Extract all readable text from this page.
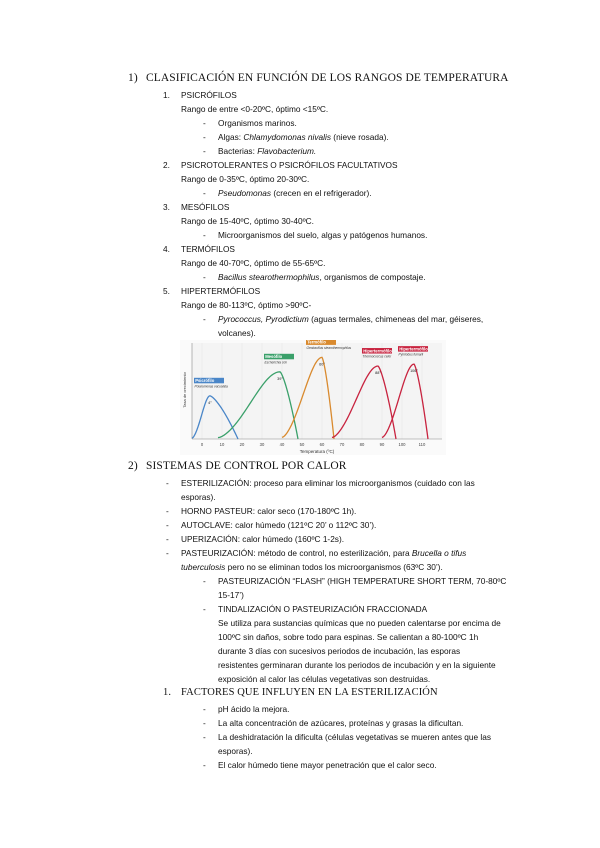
1) CLASIFICACIÓN EN FUNCIÓN DE LOS RANGOS DE TEMPERATURA
1. PSICRÓFILOS
Rango de entre <0-20ºC, óptimo <15ºC.
- Organismos marinos.
- Algas: Chlamydomonas nivalis (nieve rosada).
- Bacterias: Flavobacterium.
2. PSICROTOLERANTES O PSICRÓFILOS FACULTATIVOS
Rango de 0-35ºC, óptimo 20-30ºC.
- Pseudomonas (crecen en el refrigerador).
3. MESÓFILOS
Rango de 15-40ºC, óptimo 30-40ºC.
- Microorganismos del suelo, algas y patógenos humanos.
4. TERMÓFILOS
Rango de 40-70ºC, óptimo de 55-65ºC.
- Bacillus stearothermophilus, organismos de compostaje.
5. HIPERTERMÓFILOS
Rango de 80-113ºC, óptimo >90ºC-
- Pyrococcus, Pyrodictium (aguas termales, chimeneas del mar, géiseres,
volcanes).
4°
Psicrófilo
Polaromonas vacuolata
39°
Mesófilo
Escherichia coli
60°
Termófilo
Geobacillus stearothermophilus
88°
Hipertermófilo
Thermococcus celer
106°
Hipertermófilo
Pyrolobus fumarii
0	10	20	30	40	50	60	70	80	90	100	110
Temperatura (ºC)
Tasa de crecimiento
2) SISTEMAS DE CONTROL POR CALOR
- ESTERILIZACIÓN: proceso para eliminar los microorganismos (cuidado con las
esporas).
- HORNO PASTEUR: calor seco (170-180ºC 1h).
- AUTOCLAVE: calor húmedo (121ºC 20’ o 112ºC 30’).
- UPERIZACIÓN: calor húmedo (160ºC 1-2s).
- PASTEURIZACIÓN: método de control, no esterilización, para Brucella o tifus
tuberculosis pero no se eliminan todos los microorganismos (63ºC 30’).
- PASTEURIZACIÓN “FLASH” (HIGH TEMPERATURE SHORT TERM, 70-80ºC
15-17’)
- TINDALIZACIÓN O PASTEURIZACIÓN FRACCIONADA
Se utiliza para sustancias químicas que no pueden calentarse por encima de
100ºC sin daños, sobre todo para espinas. Se calientan a 80-100ºC 1h
durante 3 días con sucesivos periodos de incubación, las esporas
resistentes germinaran durante los periodos de incubación y en la siguiente
exposición al calor las células vegetativas son destruidas.
1. FACTORES QUE INFLUYEN EN LA ESTERILIZACIÓN
- pH ácido la mejora.
- La alta concentración de azúcares, proteínas y grasas la dificultan.
- La deshidratación la dificulta (células vegetativas se mueren antes que las
esporas).
- El calor húmedo tiene mayor penetración que el calor seco.
